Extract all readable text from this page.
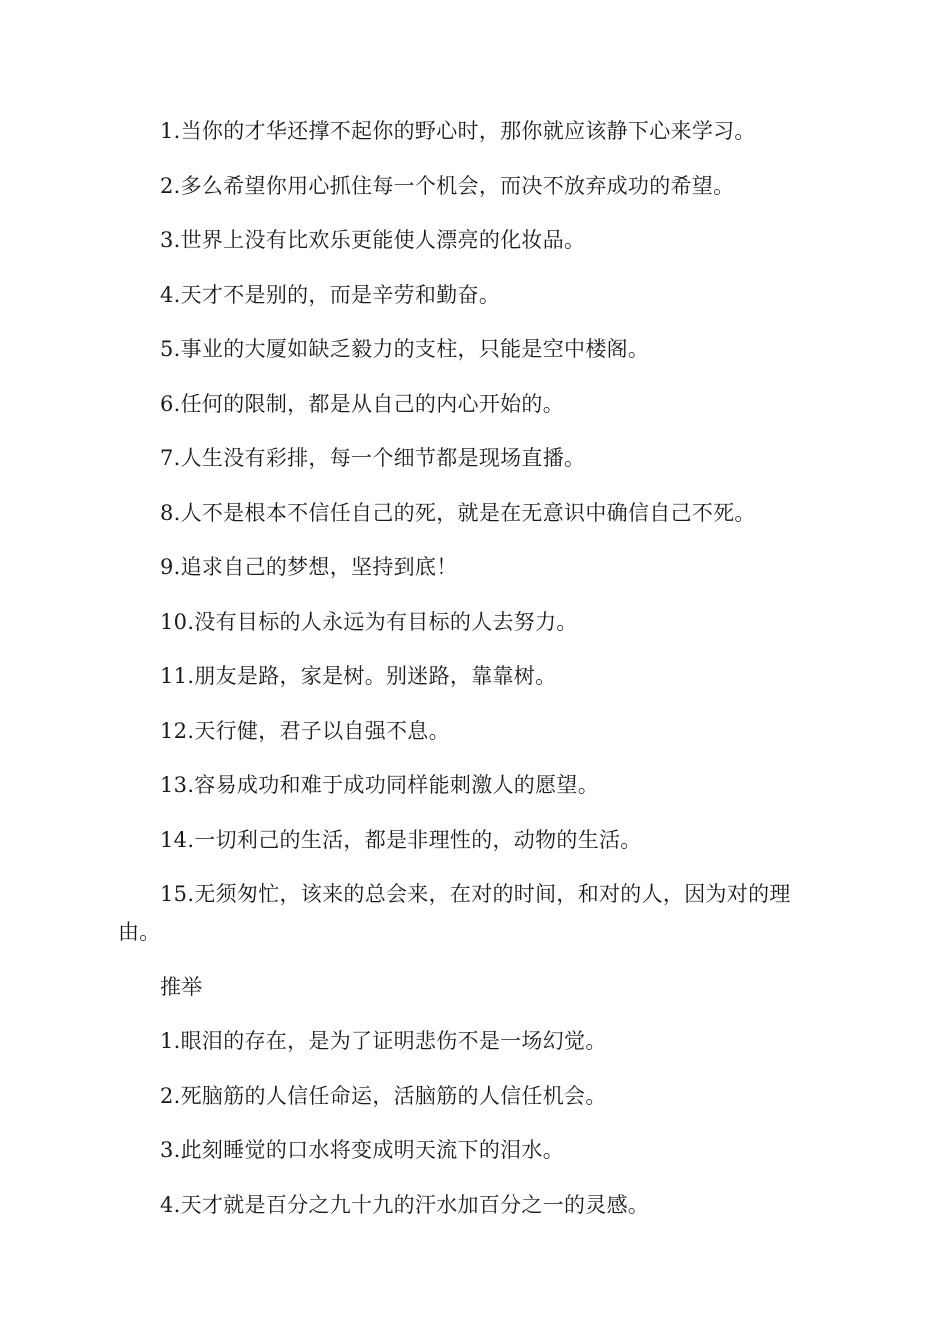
1.当你的才华还撑不起你的野心时，那你就应该静下心来学习。

2.多么希望你用心抓住每一个机会，而决不放弃成功的希望。

3.世界上没有比欢乐更能使人漂亮的化妆品。

4.天才不是别的，而是辛劳和勤奋。

5.事业的大厦如缺乏毅力的支柱，只能是空中楼阁。

6.任何的限制，都是从自己的内心开始的。

7.人生没有彩排，每一个细节都是现场直播。

8.人不是根本不信任自己的死，就是在无意识中确信自己不死。

9.追求自己的梦想，坚持到底！

10.没有目标的人永远为有目标的人去努力。

11.朋友是路，家是树。别迷路，靠靠树。

12.天行健，君子以自强不息。

13.容易成功和难于成功同样能刺激人的愿望。

14.一切利己的生活，都是非理性的，动物的生活。

15.无须匆忙，该来的总会来，在对的时间，和对的人，因为对的理由。

推举

1.眼泪的存在，是为了证明悲伤不是一场幻觉。

2.死脑筋的人信任命运，活脑筋的人信任机会。

3.此刻睡觉的口水将变成明天流下的泪水。

4.天才就是百分之九十九的汗水加百分之一的灵感。
